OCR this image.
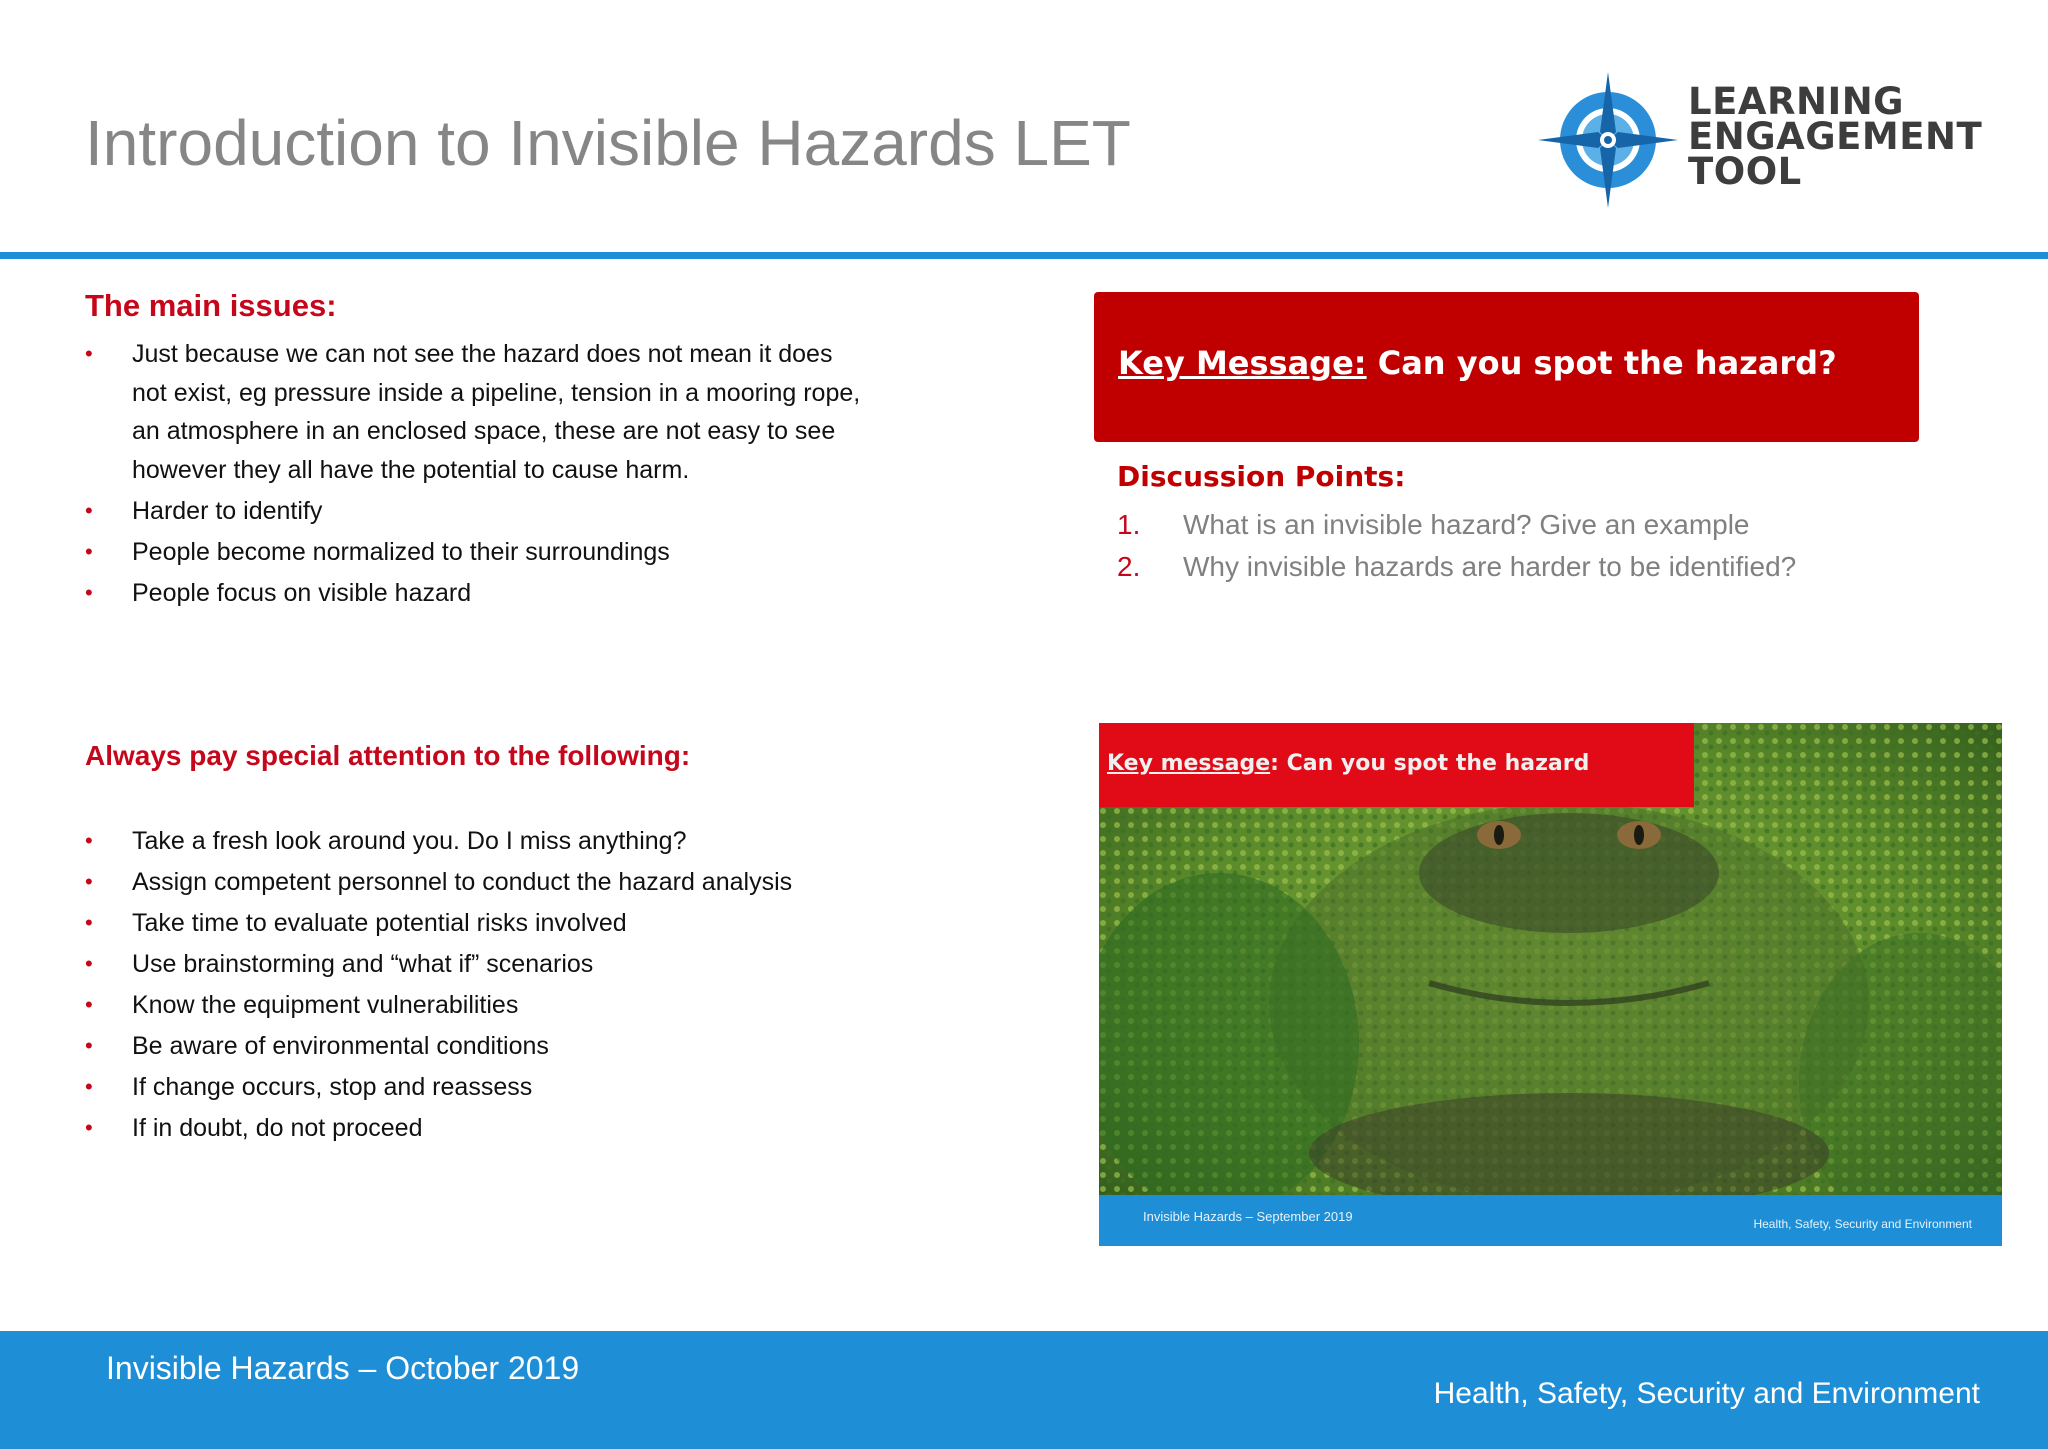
Introduction to Invisible Hazards LET
LEARNING
ENGAGEMENT
TOOL
The main issues:
• Just because we can not see the hazard does not mean it does not exist, eg pressure inside a pipeline, tension in a mooring rope, an atmosphere in an enclosed space, these are not easy to see however they all have the potential to cause harm.
• Harder to identify
• People become normalized to their surroundings
• People focus on visible hazard
Always pay special attention to the following:
• Take a fresh look around you. Do I miss anything?
• Assign competent personnel to conduct the hazard analysis
• Take time to evaluate potential risks involved
• Use brainstorming and “what if” scenarios
• Know the equipment vulnerabilities
• Be aware of environmental conditions
• If change occurs, stop and reassess
• If in doubt, do not proceed
Key Message: Can you spot the hazard?
Discussion Points:
1. What is an invisible hazard? Give an example
2. Why invisible hazards are harder to be identified?
Key message: Can you spot the hazard
Invisible Hazards – September 2019	Health, Safety, Security and Environment
Invisible Hazards – October 2019
Health, Safety, Security and Environment
